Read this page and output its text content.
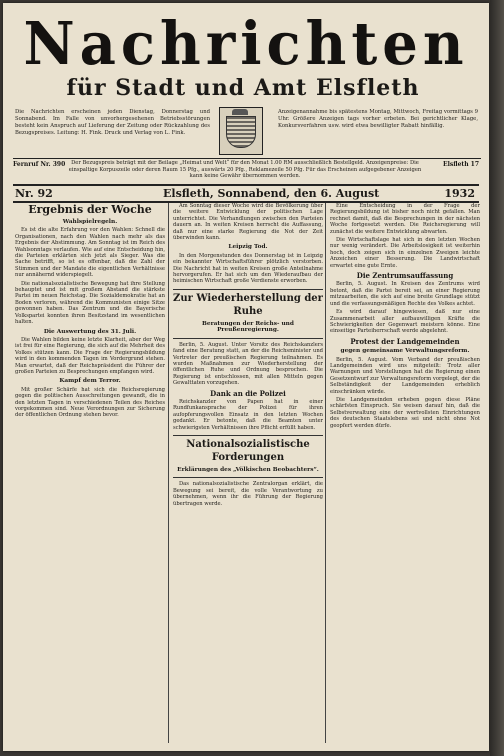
Nachrichten
für Stadt und Amt Elsfleth
Die Nachrichten erscheinen jeden Dienstag, Donnerstag und Sonnabend. Im Falle von unvorhergesehenen Betriebsstörungen besteht kein Anspruch auf Lieferung der Zeitung oder Rückzahlung des Bezugspreises. Leitung: H. Fink. Druck und Verlag von L. Fink.
Anzeigenannahme bis spätestens Montag, Mittwoch, Freitag vormittags 9 Uhr. Größere Anzeigen tags vorher erbeten. Bei gerichtlicher Klage, Konkursverfahren usw. wird etwa bewilligter Rabatt hinfällig.
Fernruf Nr. 390	Der Bezugspreis beträgt mit der Beilage „Heimat und Welt“ für den Monat 1.00 RM ausschließlich Bestellgeld. Anzeigenpreise: Die einspaltige Korpuszeile oder deren Raum 15 Pfg., auswärts 20 Pfg., Reklamezeile 50 Pfg. Für das Erscheinen aufgegebener Anzeigen kann keine Gewähr übernommen werden.
Elsfleth 17
Nr. 92	Elsfleth, Sonnabend, den 6. August	1932
Ergebnis der Woche
Wahlspielregeln.

Es ist die alte Erfahrung vor den Wahlen: Schnell die Organisationen, nach den Wahlen nach mehr als das Ergebnis der Abstimmung. Am Sonntag ist im Reich des Wahlsonntags verlaufen. Wie auf eine Entscheidung hin, die Parteien erklärten sich jetzt als Sieger. Was die Sache betrifft, so ist es offenbar, daß die Zahl der Stimmen und der Mandate die eigentlichen Verhältnisse nur annähernd widerspiegelt.

Die nationalsozialistische Bewegung hat ihre Stellung behauptet und ist mit großem Abstand die stärkste Partei im neuen Reichstag. Die Sozialdemokratie hat an Boden verloren, während die Kommunisten einige Sitze gewonnen haben. Das Zentrum und die Bayerische Volkspartei konnten ihren Besitzstand im wesentlichen halten.

Die Auswertung des 31. Juli.

Die Wahlen bilden keine letzte Klarheit, aber der Weg ist frei für eine Regierung, die sich auf die Mehrheit des Volkes stützen kann. Die Frage der Regierungsbildung wird in den kommenden Tagen im Vordergrund stehen. Man erwartet, daß der Reichspräsident die Führer der großen Parteien zu Besprechungen empfangen wird.

Kampf dem Terror.

Mit großer Schärfe hat sich die Reichsregierung gegen die politischen Ausschreitungen gewandt, die in den letzten Tagen in verschiedenen Teilen des Reiches vorgekommen sind. Neue Verordnungen zur Sicherung der öffentlichen Ordnung stehen bevor.

Am Sonntag dieser Woche wird die Bevölkerung über die weitere Entwicklung der politischen Lage unterrichtet. Die Verhandlungen zwischen den Parteien dauern an. In weiten Kreisen herrscht die Auffassung, daß nur eine starke Regierung die Not der Zeit überwinden kann.

Leipzig Tod.

In den Morgenstunden des Donnerstag ist in Leipzig ein bekannter Wirtschaftsführer plötzlich verstorben. Die Nachricht hat in weiten Kreisen große Anteilnahme hervorgerufen. Er hat sich um den Wiederaufbau der heimischen Wirtschaft große Verdienste erworben.

Zur Wiederherstellung der Ruhe
Beratungen der Reichs- und Preußenregierung.

Berlin, 5. August. Unter Vorsitz des Reichskanzlers fand eine Beratung statt, an der die Reichsminister und Vertreter der preußischen Regierung teilnahmen. Es wurden Maßnahmen zur Wiederherstellung der öffentlichen Ruhe und Ordnung besprochen. Die Regierung ist entschlossen, mit allen Mitteln gegen Gewalttaten vorzugehen.

Dank an die Polizei

Reichskanzler von Papen hat in einer Rundfunkansprache der Polizei für ihren aufopferungsvollen Einsatz in den letzten Wochen gedankt. Er betonte, daß die Beamten unter schwierigsten Verhältnissen ihre Pflicht erfüllt haben.

Nationalsozialistische Forderungen
Erklärungen des „Völkischen Beobachters“.

Das nationalsozialistische Zentralorgan erklärt, die Bewegung sei bereit, die volle Verantwortung zu übernehmen, wenn ihr die Führung der Regierung übertragen werde.

Eine Entscheidung in der Frage der Regierungsbildung ist bisher noch nicht gefallen. Man rechnet damit, daß die Besprechungen in der nächsten Woche fortgesetzt werden. Die Reichsregierung will zunächst die weitere Entwicklung abwarten.

Die Wirtschaftslage hat sich in den letzten Wochen nur wenig verändert. Die Arbeitslosigkeit ist weiterhin hoch, doch zeigen sich in einzelnen Zweigen leichte Anzeichen einer Besserung. Die Landwirtschaft erwartet eine gute Ernte.

Die Zentrumsauffassung

Berlin, 5. August. In Kreisen des Zentrums wird betont, daß die Partei bereit sei, an einer Regierung mitzuarbeiten, die sich auf eine breite Grundlage stützt und die verfassungsmäßigen Rechte des Volkes achtet.

Es wird darauf hingewiesen, daß nur eine Zusammenarbeit aller aufbauwilligen Kräfte die Schwierigkeiten der Gegenwart meistern könne. Eine einseitige Parteiherrschaft werde abgelehnt.

Protest der Landgemeinden
gegen gemeinsame Verwaltungsreform.

Berlin, 5. August. Vom Verband der preußischen Landgemeinden wird uns mitgeteilt: Trotz aller Warnungen und Vorstellungen hat die Regierung einen Gesetzentwurf zur Verwaltungsreform vorgelegt, der die Selbständigkeit der Landgemeinden erheblich einschränken würde.

Die Landgemeinden erheben gegen diese Pläne schärfsten Einspruch. Sie weisen darauf hin, daß die Selbstverwaltung eine der wertvollsten Einrichtungen des deutschen Staatslebens sei und nicht ohne Not geopfert werden dürfe.
